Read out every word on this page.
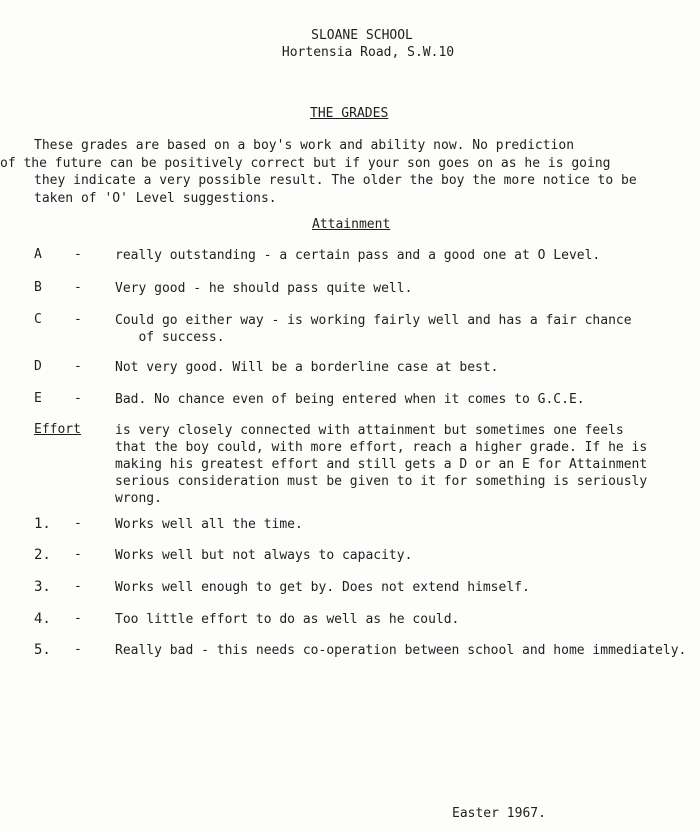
SLOANE SCHOOL
Hortensia Road, S.W.10
THE GRADES
These grades are based on a boy's work and ability now. No prediction
of the future can be positively correct but if your son goes on as he is going
they indicate a very possible result. The older the boy the more notice to be
taken of 'O' Level suggestions.
Attainment
A -	really outstanding - a certain pass and a good one at O Level.
B -	Very good - he should pass quite well.
C -	Could go either way - is working fairly well and has a fair chance
of success.
D -	Not very good. Will be a borderline case at best.
E -	Bad. No chance even of being entered when it comes to G.C.E.
Effort	is very closely connected with attainment but sometimes one feels
that the boy could, with more effort, reach a higher grade. If he is
making his greatest effort and still gets a D or an E for Attainment
serious consideration must be given to it for something is seriously
wrong.
1. -	Works well all the time.
2. -	Works well but not always to capacity.
3. -	Works well enough to get by. Does not extend himself.
4. -	Too little effort to do as well as he could.
5. -	Really bad - this needs co-operation between school and home immediately.
Easter 1967.
